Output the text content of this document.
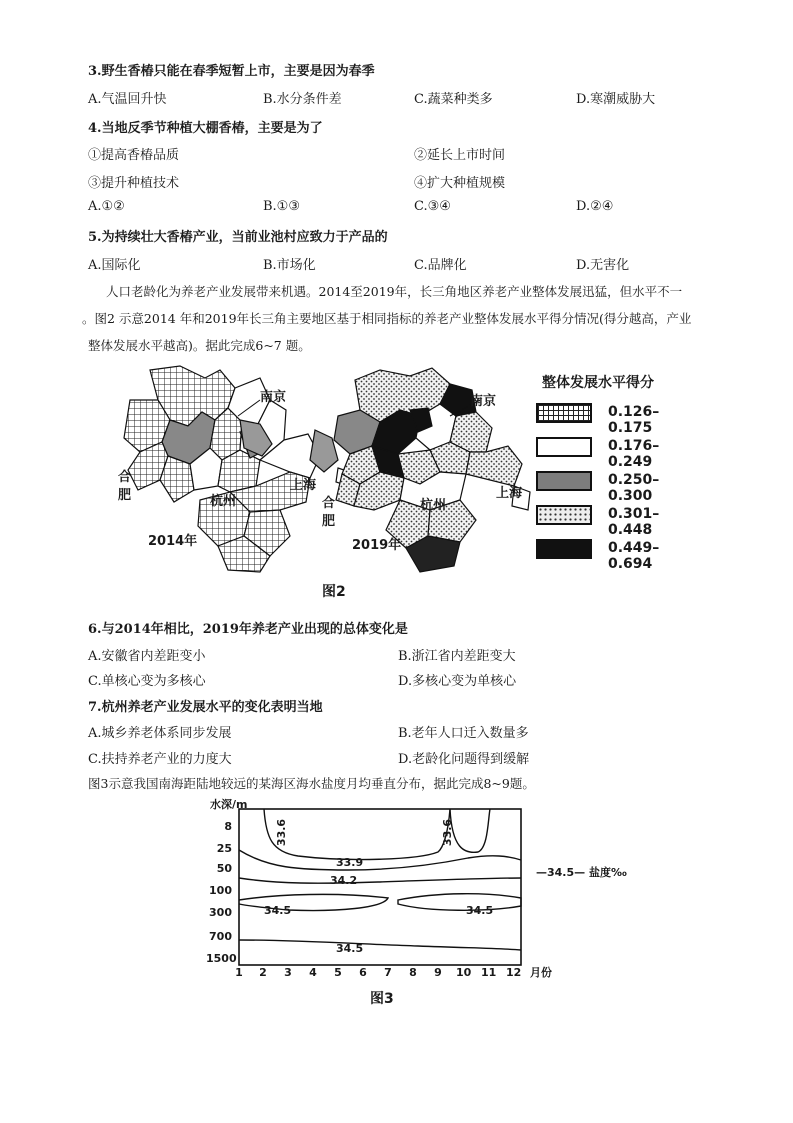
3.野生香椿只能在春季短暂上市，主要是因为春季
A.气温回升快	B.水分条件差	C.蔬菜种类多	D.寒潮威胁大
4.当地反季节种植大棚香椿，主要是为了
①提高香椿品质	②延长上市时间
③提升种植技术	④扩大种植规模
A.①②	B.①③	C.③④	D.②④
5.为持续壮大香椿产业，当前业池村应致力于产品的
A.国际化	B.市场化	C.品牌化	D.无害化
人口老龄化为养老产业发展带来机遇。2014至2019年，长三角地区养老产业整体发展迅猛，但水平不一
。图2 示意2014 年和2019年长三角主要地区基于相同指标的养老产业整体发展水平得分情况(得分越高，产业
整体发展水平越高)。据此完成6~7 题。
南京
合
肥	杭州
上海
2014年
南京
合
肥
杭州
上海
2019年
图2
整体发展水平得分
0.126–0.175
0.176–0.249
0.250–0.300
0.301–0.448
0.449–0.694
6.与2014年相比，2019年养老产业出现的总体变化是
A.安徽省内差距变小	B.浙江省内差距变大
C.单核心变为多核心	D.多核心变为单核心
7.杭州养老产业发展水平的变化表明当地
A.城乡养老体系同步发展	B.老年人口迁入数量多
C.扶持养老产业的力度大	D.老龄化问题得到缓解
图3示意我国南海距陆地较远的某海区海水盐度月均垂直分布，据此完成8~9题。
水深/m
33.6	33.6
33.9
34.2
34.5	34.5
34.5
8
25
50
100
300
700
1500
1 2 3 4 5 6 7 8 9 10 11 12 月份
—34.5— 盐度‰
图3
